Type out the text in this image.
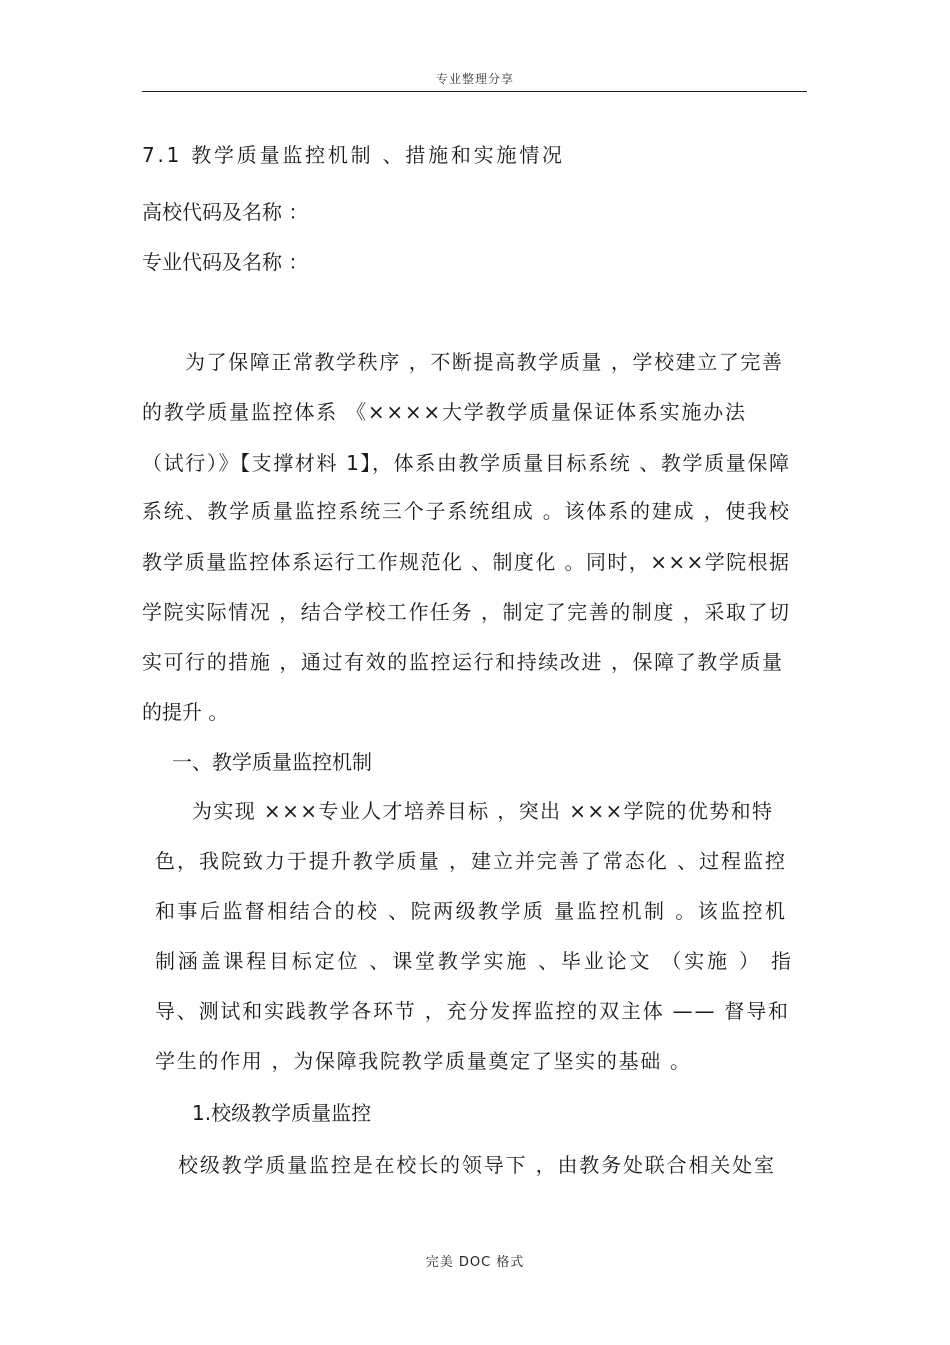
专业整理分享
7.1 教学质量监控机制 、措施和实施情况
高校代码及名称 ：
专业代码及名称 ：
为了保障正常教学秩序 ，不断提高教学质量 ，学校建立了完善
的教学质量监控体系 《××××大学教学质量保证体系实施办法
（试行）》【支撑材料 1】，体系由教学质量目标系统 、教学质量保障
系统、教学质量监控系统三个子系统组成 。该体系的建成 ，使我校
教学质量监控体系运行工作规范化 、制度化 。同时，×××学院根据
学院实际情况 ，结合学校工作任务 ，制定了完善的制度 ，采取了切
实可行的措施 ，通过有效的监控运行和持续改进 ，保障了教学质量
的提升 。
一、教学质量监控机制
为实现 ×××专业人才培养目标 ，突出 ×××学院的优势和特
色，我院致力于提升教学质量 ，建立并完善了常态化 、过程监控
和事后监督相结合的校 、院两级教学质 量监控机制 。该监控机
制涵盖课程目标定位 、课堂教学实施 、毕业论文 （实施 ） 指
导、测试和实践教学各环节 ，充分发挥监控的双主体 —— 督导和
学生的作用 ，为保障我院教学质量奠定了坚实的基础 。
1.校级教学质量监控
校级教学质量监控是在校长的领导下 ，由教务处联合相关处室
完美 DOC 格式
